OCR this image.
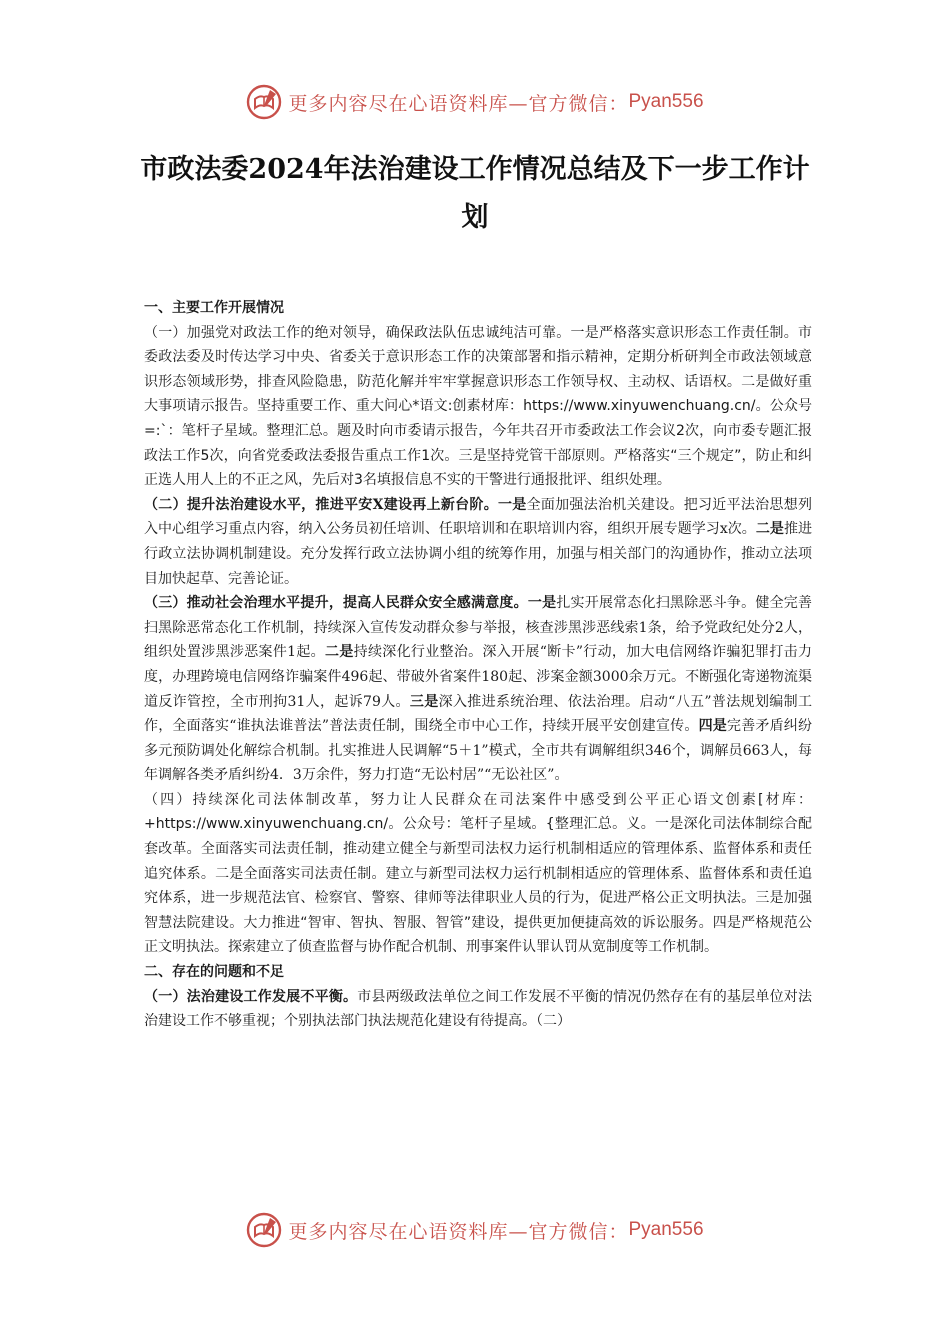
更多内容尽在心语资料库—官方微信： Pyan556
市政法委2024年法治建设工作情况总结及下一步工作计划

一、主要工作开展情况

（一）加强党对政法工作的绝对领导，确保政法队伍忠诚纯洁可靠。一是严格落实意识形态工作责任制。市委政法委及时传达学习中央、省委关于意识形态工作的决策部署和指示精神，定期分析研判全市政法领域意识形态领域形势，排查风险隐患，防范化解并牢牢掌握意识形态工作领导权、主动权、话语权。二是做好重大事项请示报告。坚持重要工作、重大问心*语文:创素材库：https://www.xinyuwenchuang.cn/。公众号=:`：笔杆子星域。整理汇总。题及时向市委请示报告，今年共召开市委政法工作会议2次，向市委专题汇报政法工作5次，向省党委政法委报告重点工作1次。三是坚持党管干部原则。严格落实“三个规定”，防止和纠正选人用人上的不正之风，先后对3名填报信息不实的干警进行通报批评、组织处理。

（二）提升法治建设水平，推进平安X建设再上新台阶。一是全面加强法治机关建设。把习近平法治思想列入中心组学习重点内容，纳入公务员初任培训、任职培训和在职培训内容，组织开展专题学习x次。二是推进行政立法协调机制建设。充分发挥行政立法协调小组的统筹作用，加强与相关部门的沟通协作，推动立法项目加快起草、完善论证。

（三）推动社会治理水平提升，提高人民群众安全感满意度。一是扎实开展常态化扫黑除恶斗争。健全完善扫黑除恶常态化工作机制，持续深入宣传发动群众参与举报，核查涉黑涉恶线索1条，给予党政纪处分2人，组织处置涉黑涉恶案件1起。二是持续深化行业整治。深入开展“断卡”行动，加大电信网络诈骗犯罪打击力度，办理跨境电信网络诈骗案件496起、带破外省案件180起、涉案金额3000余万元。不断强化寄递物流渠道反诈管控，全市刑拘31人，起诉79人。三是深入推进系统治理、依法治理。启动“八五”普法规划编制工作，全面落实“谁执法谁普法”普法责任制，围绕全市中心工作，持续开展平安创建宣传。四是完善矛盾纠纷多元预防调处化解综合机制。扎实推进人民调解“5＋1”模式，全市共有调解组织346个，调解员663人，每年调解各类矛盾纠纷4．3万余件，努力打造“无讼村居”“无讼社区”。

（四）持续深化司法体制改革，努力让人民群众在司法案件中感受到公平正心语文创素[材库：+https://www.xinyuwenchuang.cn/。公众号：笔杆子星域。{整理汇总。义。一是深化司法体制综合配套改革。全面落实司法责任制，推动建立健全与新型司法权力运行机制相适应的管理体系、监督体系和责任追究体系。二是全面落实司法责任制。建立与新型司法权力运行机制相适应的管理体系、监督体系和责任追究体系，进一步规范法官、检察官、警察、律师等法律职业人员的行为，促进严格公正文明执法。三是加强智慧法院建设。大力推进“智审、智执、智服、智管”建设，提供更加便捷高效的诉讼服务。四是严格规范公正文明执法。探索建立了侦查监督与协作配合机制、刑事案件认罪认罚从宽制度等工作机制。

二、存在的问题和不足

（一）法治建设工作发展不平衡。市县两级政法单位之间工作发展不平衡的情况仍然存在有的基层单位对法治建设工作不够重视；个别执法部门执法规范化建设有待提高。（二）

更多内容尽在心语资料库—官方微信： Pyan556
